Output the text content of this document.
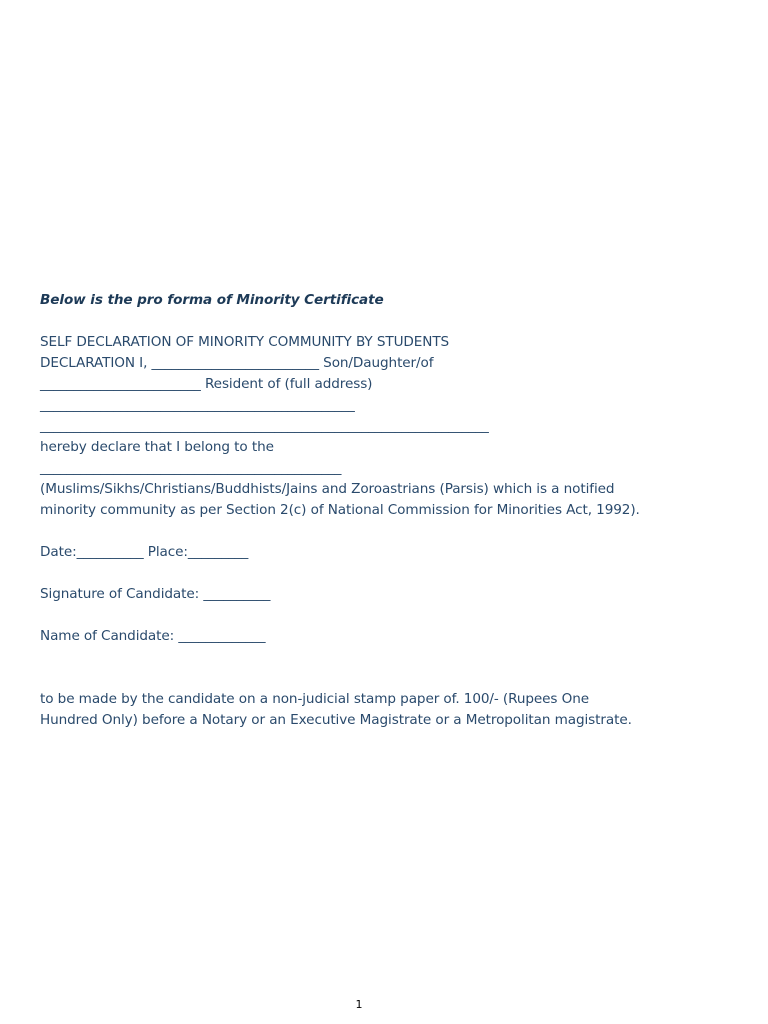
Below is the pro forma of Minority Certificate
SELF DECLARATION OF MINORITY COMMUNITY BY STUDENTS
DECLARATION I, _________________________ Son/Daughter/of
________________________ Resident of (full address)
_______________________________________________
___________________________________________________________________
hereby declare that I belong to the
_____________________________________________
(Muslims/Sikhs/Christians/Buddhists/Jains and Zoroastrians (Parsis) which is a notified
minority community as per Section 2(c) of National Commission for Minorities Act, 1992).
Date:__________ Place:_________
Signature of Candidate: __________
Name of Candidate: _____________
to be made by the candidate on a non-judicial stamp paper of. 100/- (Rupees One
Hundred Only) before a Notary or an Executive Magistrate or a Metropolitan magistrate.
1
